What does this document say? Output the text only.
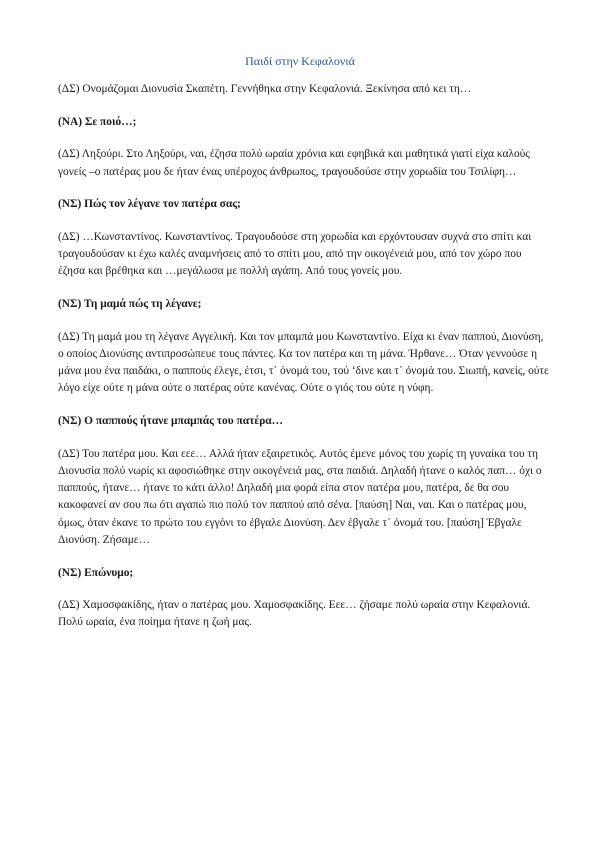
Παιδί στην Κεφαλονιά

(ΔΣ) Ονομάζομαι Διονυσία Σκαπέτη. Γεννήθηκα στην Κεφαλονιά. Ξεκίνησα από κει τη…

(ΝΑ) Σε ποιό…;

(ΔΣ) Ληξούρι. Στο Ληξούρι, ναι, έζησα πολύ ωραία χρόνια και εφηβικά και μαθητικά γιατί είχα καλούς γονείς –ο πατέρας μου δε ήταν ένας υπέροχος άνθρωπος, τραγουδούσε στην χορωδία του Τσιλίφη…

(ΝΣ) Πώς τον λέγανε τον πατέρα σας;

(ΔΣ) …Κωνσταντίνος. Κωνσταντίνος. Τραγουδούσε στη χορωδία και ερχόντουσαν συχνά στο σπίτι και τραγουδούσαν κι έχω καλές αναμνήσεις από το σπίτι μου, από την οικογένειά μου, από τον χώρο που έζησα και βρέθηκα και …μεγάλωσα με πολλή αγάπη. Από τους γονείς μου.

(ΝΣ) Τη μαμά πώς τη λέγανε;

(ΔΣ) Τη μαμά μου τη λέγανε Αγγελική. Και τον μπαμπά μου Κωνσταντίνο. Είχα κι έναν παππού, Διονύση, ο οποίος Διονύσης αντιπροσώπευε τους πάντες. Κα τον πατέρα και τη μάνα. Ήρθανε… Όταν γεννούσε η μάνα μου ένα παιδάκι, ο παππούς έλεγε, έτσι, τ᾽ όνομά του, τού ‘δινε και τ᾽ όνομά του. Σιωπή, κανείς, ούτε λόγο είχε ούτε η μάνα ούτε ο πατέρας ούτε κανένας. Ούτε ο γιός του ούτε η νύφη.

(ΝΣ) Ο παππούς ήτανε μπαμπάς του πατέρα…

(ΔΣ) Του πατέρα μου. Και εεε… Αλλά ήταν εξαιρετικός. Αυτός έμενε μόνος του χωρίς τη γυναίκα του τη Διονυσία πολύ νωρίς κι αφοσιώθηκε στην οικογένειά μας, στα παιδιά. Δηλαδή ήτανε ο καλός παπ… όχι ο παππούς, ήτανε… ήτανε το κάτι άλλο! Δηλαδή μια φορά είπα στον πατέρα μου, πατέρα, δε θα σου κακοφανεί αν σου πω ότι αγαπώ πιο πολύ τον παππού από σένα. [παύση] Ναι, ναι. Και ο πατέρας μου, όμως, όταν έκανε το πρώτο του εγγόνι το έβγαλε Διονύση. Δεν έβγαλε τ᾽ όνομά του. [παύση] Έβγαλε Διονύση. Ζήσαμε…

(ΝΣ) Επώνυμο;

(ΔΣ) Χαμοσφακίδης, ήταν ο πατέρας μου. Χαμοσφακίδης. Εεε… ζήσαμε πολύ ωραία στην Κεφαλονιά. Πολύ ωραία, ένα ποίημα ήτανε η ζωή μας.
